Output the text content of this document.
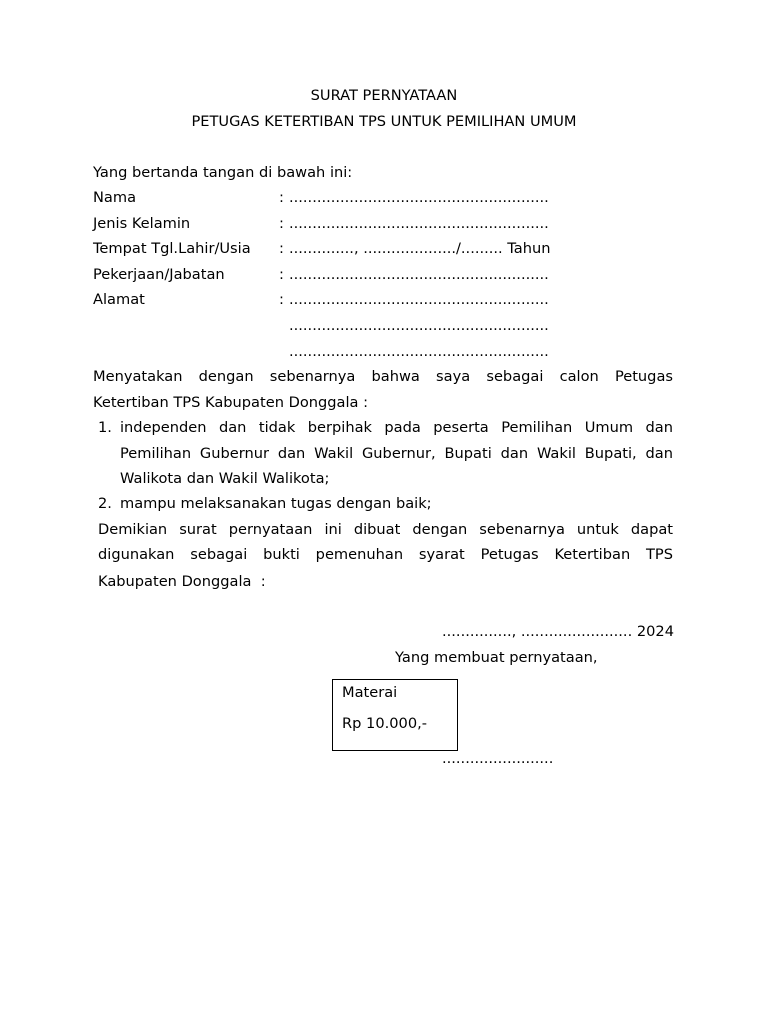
SURAT PERNYATAAN
PETUGAS KETERTIBAN TPS UNTUK PEMILIHAN UMUM
Yang bertanda tangan di bawah ini:
Nama	: ........................................................
Jenis Kelamin	: ........................................................
Tempat Tgl.Lahir/Usia : .............., ..................../......... Tahun
Pekerjaan/Jabatan	: ........................................................
Alamat	: ........................................................
........................................................
........................................................
Menyatakan dengan sebenarnya bahwa saya sebagai calon Petugas
Ketertiban TPS Kabupaten Donggala :
1. independen dan tidak berpihak pada peserta Pemilihan Umum dan
Pemilihan Gubernur dan Wakil Gubernur, Bupati dan Wakil Bupati, dan
Walikota dan Wakil Walikota;
2. mampu melaksanakan tugas dengan baik;
Demikian surat pernyataan ini dibuat dengan sebenarnya untuk dapat
digunakan sebagai bukti pemenuhan syarat Petugas Ketertiban TPS
Kabupaten Donggala  :
..............., ........................ 2024
Yang membuat pernyataan,
Materai
Rp 10.000,-
........................
